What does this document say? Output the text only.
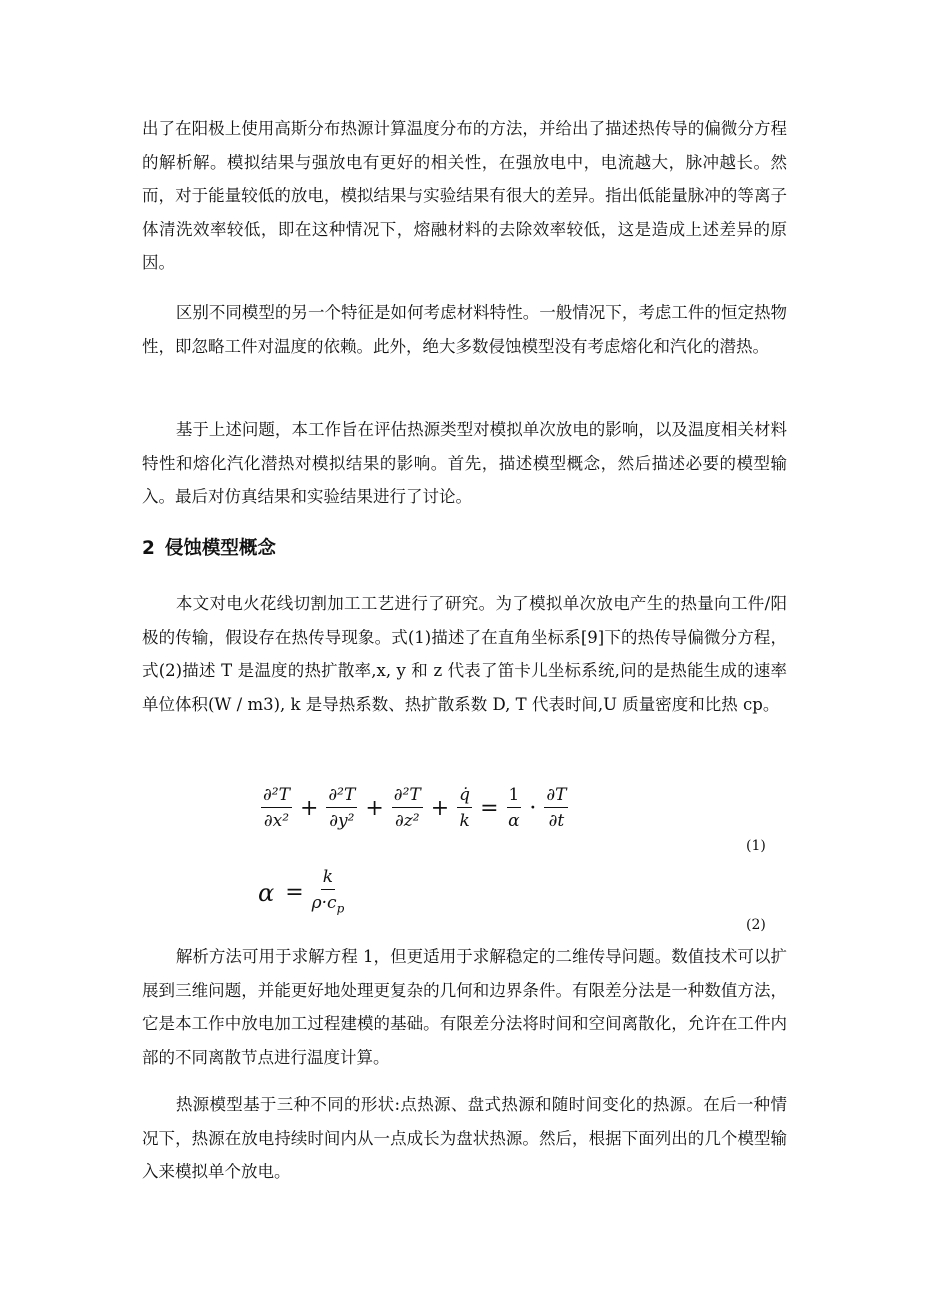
出了在阳极上使用高斯分布热源计算温度分布的方法，并给出了描述热传导的偏微分方程的解析解。模拟结果与强放电有更好的相关性，在强放电中，电流越大，脉冲越长。然而，对于能量较低的放电，模拟结果与实验结果有很大的差异。指出低能量脉冲的等离子体清洗效率较低，即在这种情况下，熔融材料的去除效率较低，这是造成上述差异的原因。

区别不同模型的另一个特征是如何考虑材料特性。一般情况下，考虑工件的恒定热物性，即忽略工件对温度的依赖。此外，绝大多数侵蚀模型没有考虑熔化和汽化的潜热。

基于上述问题，本工作旨在评估热源类型对模拟单次放电的影响，以及温度相关材料特性和熔化汽化潜热对模拟结果的影响。首先，描述模型概念，然后描述必要的模型输入。最后对仿真结果和实验结果进行了讨论。

2 侵蚀模型概念

本文对电火花线切割加工工艺进行了研究。为了模拟单次放电产生的热量向工件/阳极的传输，假设存在热传导现象。式(1)描述了在直角坐标系[9]下的热传导偏微分方程，式(2)描述 T 是温度的热扩散率,x, y 和 z 代表了笛卡儿坐标系统,问的是热能生成的速率单位体积(W / m3), k 是导热系数、热扩散系数 D, T 代表时间,U 质量密度和比热 cp。

$\frac{\text{∂²T}}{\text{∂x²}} + \frac{\text{∂²T}}{\text{∂y²}} + \frac{\text{∂²T}}{\text{∂z²}} + \frac{q̇}{k} = \frac{1}{\alpha} \cdot \frac{\partial T}{\partial t}$
(1)
$\alpha = \frac{k}{\rho\cdot c_p}$
(2)

解析方法可用于求解方程 1，但更适用于求解稳定的二维传导问题。数值技术可以扩展到三维问题，并能更好地处理更复杂的几何和边界条件。有限差分法是一种数值方法，它是本工作中放电加工过程建模的基础。有限差分法将时间和空间离散化，允许在工件内部的不同离散节点进行温度计算。

热源模型基于三种不同的形状:点热源、盘式热源和随时间变化的热源。在后一种情况下，热源在放电持续时间内从一点成长为盘状热源。然后，根据下面列出的几个模型输入来模拟单个放电。
